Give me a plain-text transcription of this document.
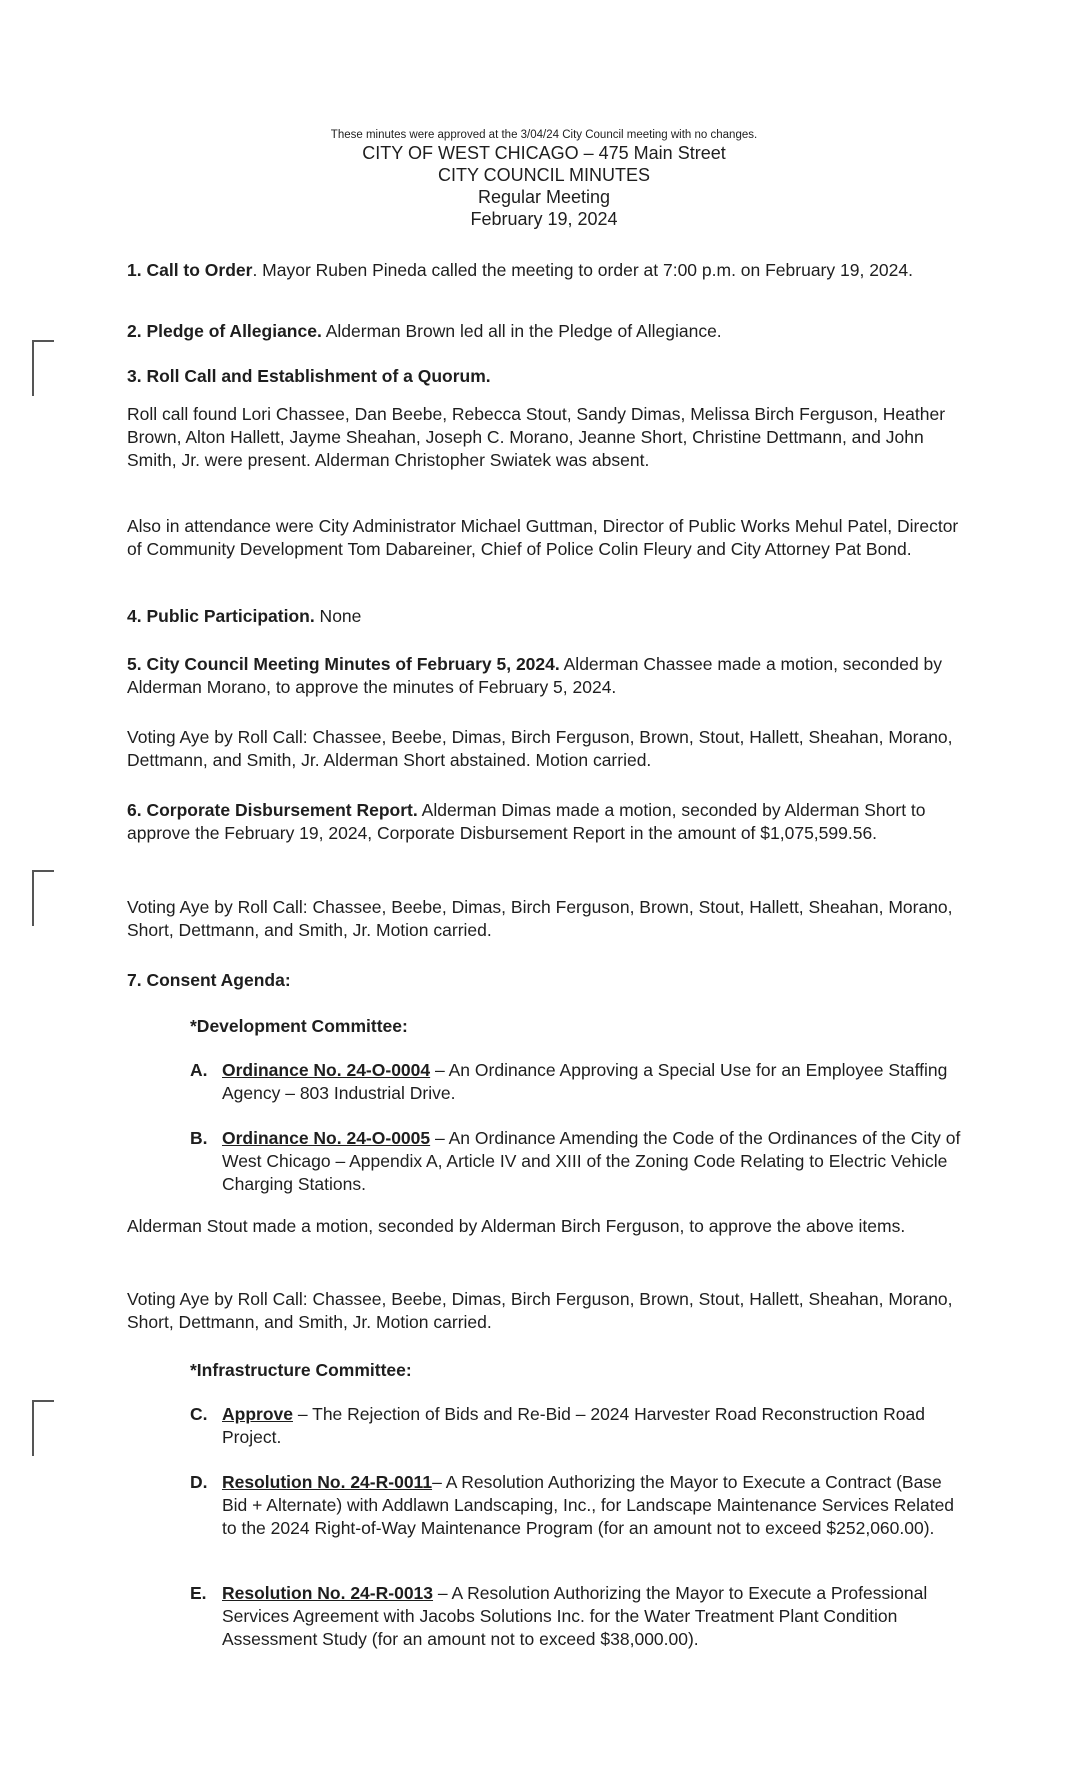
These minutes were approved at the 3/04/24 City Council meeting with no changes.
CITY OF WEST CHICAGO – 475 Main Street
CITY COUNCIL MINUTES
Regular Meeting
February 19, 2024
1. Call to Order. Mayor Ruben Pineda called the meeting to order at 7:00 p.m. on February 19, 2024.
2. Pledge of Allegiance. Alderman Brown led all in the Pledge of Allegiance.
3. Roll Call and Establishment of a Quorum.
Roll call found Lori Chassee, Dan Beebe, Rebecca Stout, Sandy Dimas, Melissa Birch Ferguson, Heather Brown, Alton Hallett, Jayme Sheahan, Joseph C. Morano, Jeanne Short, Christine Dettmann, and John Smith, Jr. were present. Alderman Christopher Swiatek was absent.
Also in attendance were City Administrator Michael Guttman, Director of Public Works Mehul Patel, Director of Community Development Tom Dabareiner, Chief of Police Colin Fleury and City Attorney Pat Bond.
4. Public Participation. None
5. City Council Meeting Minutes of February 5, 2024. Alderman Chassee made a motion, seconded by Alderman Morano, to approve the minutes of February 5, 2024.
Voting Aye by Roll Call: Chassee, Beebe, Dimas, Birch Ferguson, Brown, Stout, Hallett, Sheahan, Morano, Dettmann, and Smith, Jr. Alderman Short abstained. Motion carried.
6. Corporate Disbursement Report. Alderman Dimas made a motion, seconded by Alderman Short to approve the February 19, 2024, Corporate Disbursement Report in the amount of $1,075,599.56.
Voting Aye by Roll Call: Chassee, Beebe, Dimas, Birch Ferguson, Brown, Stout, Hallett, Sheahan, Morano, Short, Dettmann, and Smith, Jr. Motion carried.
7. Consent Agenda:
*Development Committee:
A. Ordinance No. 24-O-0004 – An Ordinance Approving a Special Use for an Employee Staffing Agency – 803 Industrial Drive.
B. Ordinance No. 24-O-0005 – An Ordinance Amending the Code of the Ordinances of the City of West Chicago – Appendix A, Article IV and XIII of the Zoning Code Relating to Electric Vehicle Charging Stations.
Alderman Stout made a motion, seconded by Alderman Birch Ferguson, to approve the above items.
Voting Aye by Roll Call: Chassee, Beebe, Dimas, Birch Ferguson, Brown, Stout, Hallett, Sheahan, Morano, Short, Dettmann, and Smith, Jr. Motion carried.
*Infrastructure Committee:
C. Approve – The Rejection of Bids and Re-Bid – 2024 Harvester Road Reconstruction Road Project.
D. Resolution No. 24-R-0011– A Resolution Authorizing the Mayor to Execute a Contract (Base Bid + Alternate) with Addlawn Landscaping, Inc., for Landscape Maintenance Services Related to the 2024 Right-of-Way Maintenance Program (for an amount not to exceed $252,060.00).
E. Resolution No. 24-R-0013 – A Resolution Authorizing the Mayor to Execute a Professional Services Agreement with Jacobs Solutions Inc. for the Water Treatment Plant Condition Assessment Study (for an amount not to exceed $38,000.00).
